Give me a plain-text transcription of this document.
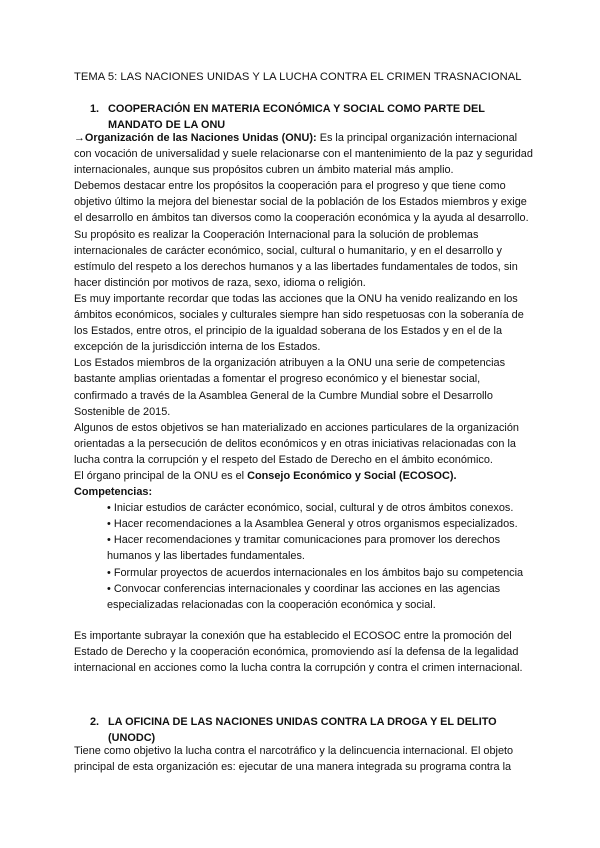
TEMA 5: LAS NACIONES UNIDAS Y LA LUCHA CONTRA EL CRIMEN TRASNACIONAL
1. COOPERACIÓN EN MATERIA ECONÓMICA Y SOCIAL COMO PARTE DEL MANDATO DE LA ONU

→Organización de las Naciones Unidas (ONU): Es la principal organización internacional con vocación de universalidad y suele relacionarse con el mantenimiento de la paz y seguridad internacionales, aunque sus propósitos cubren un ámbito material más amplio.

Debemos destacar entre los propósitos la cooperación para el progreso y que tiene como objetivo último la mejora del bienestar social de la población de los Estados miembros y exige el desarrollo en ámbitos tan diversos como la cooperación económica y la ayuda al desarrollo.

Su propósito es realizar la Cooperación Internacional para la solución de problemas internacionales de carácter económico, social, cultural o humanitario, y en el desarrollo y estímulo del respeto a los derechos humanos y a las libertades fundamentales de todos, sin hacer distinción por motivos de raza, sexo, idioma o religión.

Es muy importante recordar que todas las acciones que la ONU ha venido realizando en los ámbitos económicos, sociales y culturales siempre han sido respetuosas con la soberanía de los Estados, entre otros, el principio de la igualdad soberana de los Estados y en el de la excepción de la jurisdicción interna de los Estados.

Los Estados miembros de la organización atribuyen a la ONU una serie de competencias bastante amplias orientadas a fomentar el progreso económico y el bienestar social, confirmado a través de la Asamblea General de la Cumbre Mundial sobre el Desarrollo Sostenible de 2015.

Algunos de estos objetivos se han materializado en acciones particulares de la organización orientadas a la persecución de delitos económicos y en otras iniciativas relacionadas con la lucha contra la corrupción y el respeto del Estado de Derecho en el ámbito económico.

El órgano principal de la ONU es el Consejo Económico y Social (ECOSOC).

Competencias:

• Iniciar estudios de carácter económico, social, cultural y de otros ámbitos conexos.
• Hacer recomendaciones a la Asamblea General y otros organismos especializados.
• Hacer recomendaciones y tramitar comunicaciones para promover los derechos humanos y las libertades fundamentales.
• Formular proyectos de acuerdos internacionales en los ámbitos bajo su competencia
• Convocar conferencias internacionales y coordinar las acciones en las agencias especializadas relacionadas con la cooperación económica y social.

Es importante subrayar la conexión que ha establecido el ECOSOC entre la promoción del Estado de Derecho y la cooperación económica, promoviendo así la defensa de la legalidad internacional en acciones como la lucha contra la corrupción y contra el crimen internacional.

2. LA OFICINA DE LAS NACIONES UNIDAS CONTRA LA DROGA Y EL DELITO (UNODC)

Tiene como objetivo la lucha contra el narcotráfico y la delincuencia internacional. El objeto principal de esta organización es: ejecutar de una manera integrada su programa contra la
